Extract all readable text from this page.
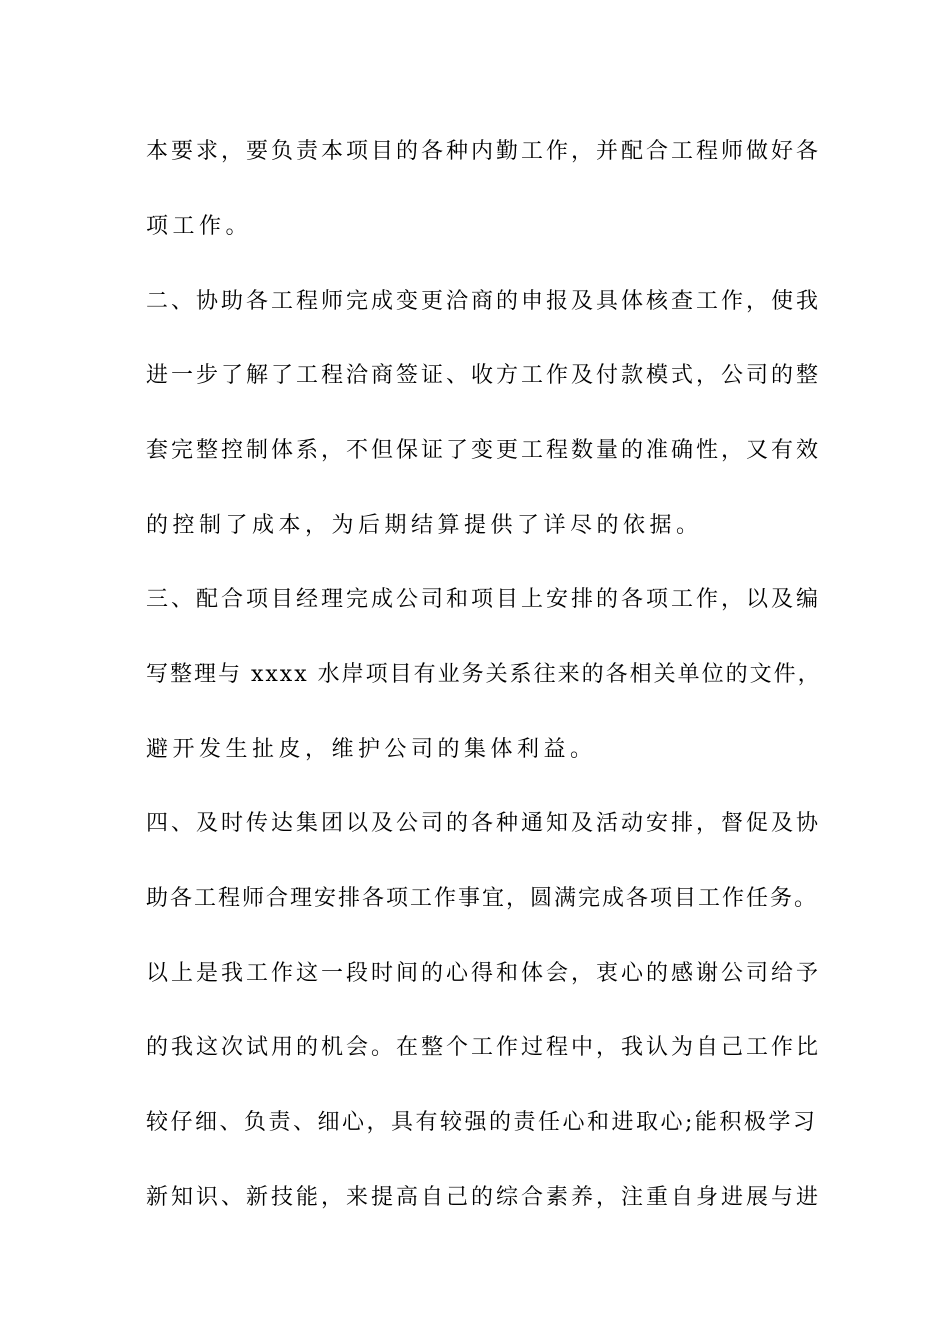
本要求，要负责本项目的各种内勤工作，并配合工程师做好各
项工作。
二、协助各工程师完成变更洽商的申报及具体核查工作，使我
进一步了解了工程洽商签证、收方工作及付款模式，公司的整
套完整控制体系，不但保证了变更工程数量的准确性，又有效
的控制了成本，为后期结算提供了详尽的依据。
三、配合项目经理完成公司和项目上安排的各项工作，以及编
写整理与 xxxx 水岸项目有业务关系往来的各相关单位的文件，
避开发生扯皮，维护公司的集体利益。
四、及时传达集团以及公司的各种通知及活动安排，督促及协
助各工程师合理安排各项工作事宜，圆满完成各项目工作任务。
以上是我工作这一段时间的心得和体会，衷心的感谢公司给予
的我这次试用的机会。在整个工作过程中，我认为自己工作比
较仔细、负责、细心，具有较强的责任心和进取心;能积极学习
新知识、新技能，来提高自己的综合素养，注重自身进展与进
